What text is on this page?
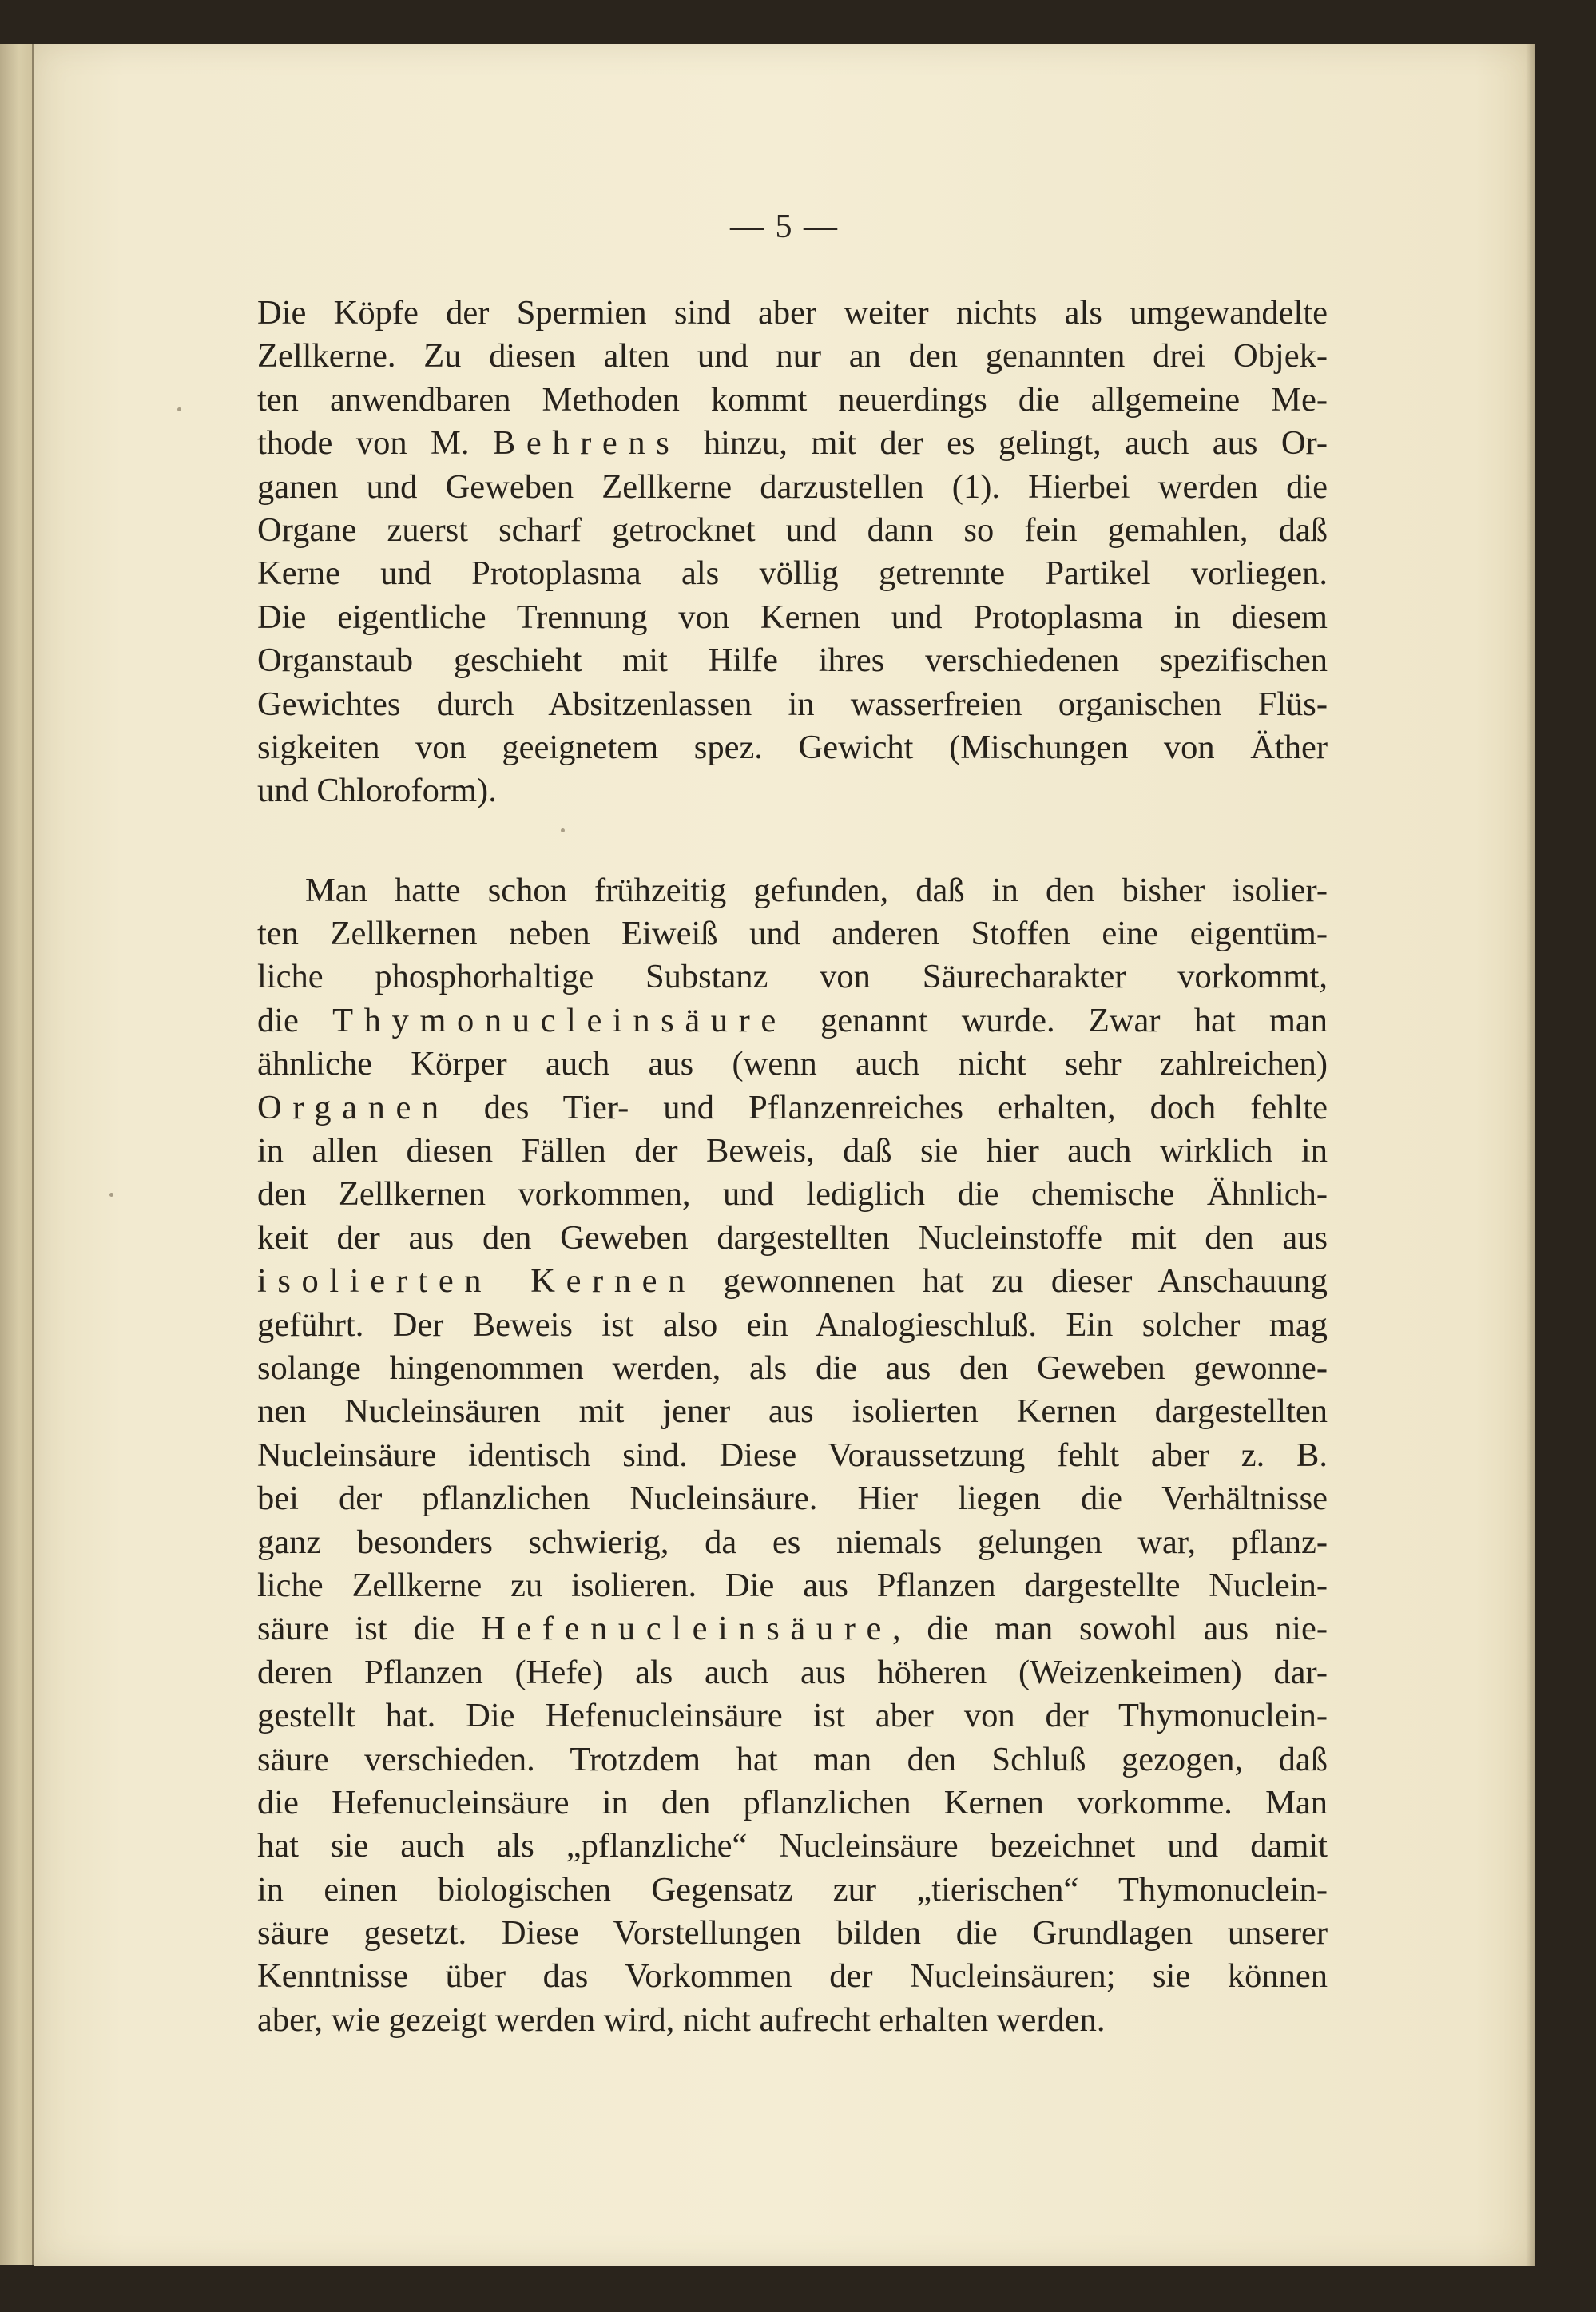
— 5 —
Die Köpfe der Spermien sind aber weiter nichts als umgewandelte
Zellkerne. Zu diesen alten und nur an den genannten drei Objek-
ten anwendbaren Methoden kommt neuerdings die allgemeine Me-
thode von M. Behrens hinzu, mit der es gelingt, auch aus Or-
ganen und Geweben Zellkerne darzustellen (1). Hierbei werden die
Organe zuerst scharf getrocknet und dann so fein gemahlen, daß
Kerne und Protoplasma als völlig getrennte Partikel vorliegen.
Die eigentliche Trennung von Kernen und Protoplasma in diesem
Organstaub geschieht mit Hilfe ihres verschiedenen spezifischen
Gewichtes durch Absitzenlassen in wasserfreien organischen Flüs-
sigkeiten von geeignetem spez. Gewicht (Mischungen von Äther
und Chloroform).
Man hatte schon frühzeitig gefunden, daß in den bisher isolier-
ten Zellkernen neben Eiweiß und anderen Stoffen eine eigentüm-
liche phosphorhaltige Substanz von Säurecharakter vorkommt,
die Thymonucleinsäure genannt wurde. Zwar hat man
ähnliche Körper auch aus (wenn auch nicht sehr zahlreichen)
Organen des Tier- und Pflanzenreiches erhalten, doch fehlte
in allen diesen Fällen der Beweis, daß sie hier auch wirklich in
den Zellkernen vorkommen, und lediglich die chemische Ähnlich-
keit der aus den Geweben dargestellten Nucleinstoffe mit den aus
isolierten Kernen gewonnenen hat zu dieser Anschauung
geführt. Der Beweis ist also ein Analogieschluß. Ein solcher mag
solange hingenommen werden, als die aus den Geweben gewonne-
nen Nucleinsäuren mit jener aus isolierten Kernen dargestellten
Nucleinsäure identisch sind. Diese Voraussetzung fehlt aber z. B.
bei der pflanzlichen Nucleinsäure. Hier liegen die Verhältnisse
ganz besonders schwierig, da es niemals gelungen war, pflanz-
liche Zellkerne zu isolieren. Die aus Pflanzen dargestellte Nuclein-
säure ist die Hefenucleinsäure, die man sowohl aus nie-
deren Pflanzen (Hefe) als auch aus höheren (Weizenkeimen) dar-
gestellt hat. Die Hefenucleinsäure ist aber von der Thymonuclein-
säure verschieden. Trotzdem hat man den Schluß gezogen, daß
die Hefenucleinsäure in den pflanzlichen Kernen vorkomme. Man
hat sie auch als „pflanzliche“ Nucleinsäure bezeichnet und damit
in einen biologischen Gegensatz zur „tierischen“ Thymonuclein-
säure gesetzt. Diese Vorstellungen bilden die Grundlagen unserer
Kenntnisse über das Vorkommen der Nucleinsäuren; sie können
aber, wie gezeigt werden wird, nicht aufrecht erhalten werden.
